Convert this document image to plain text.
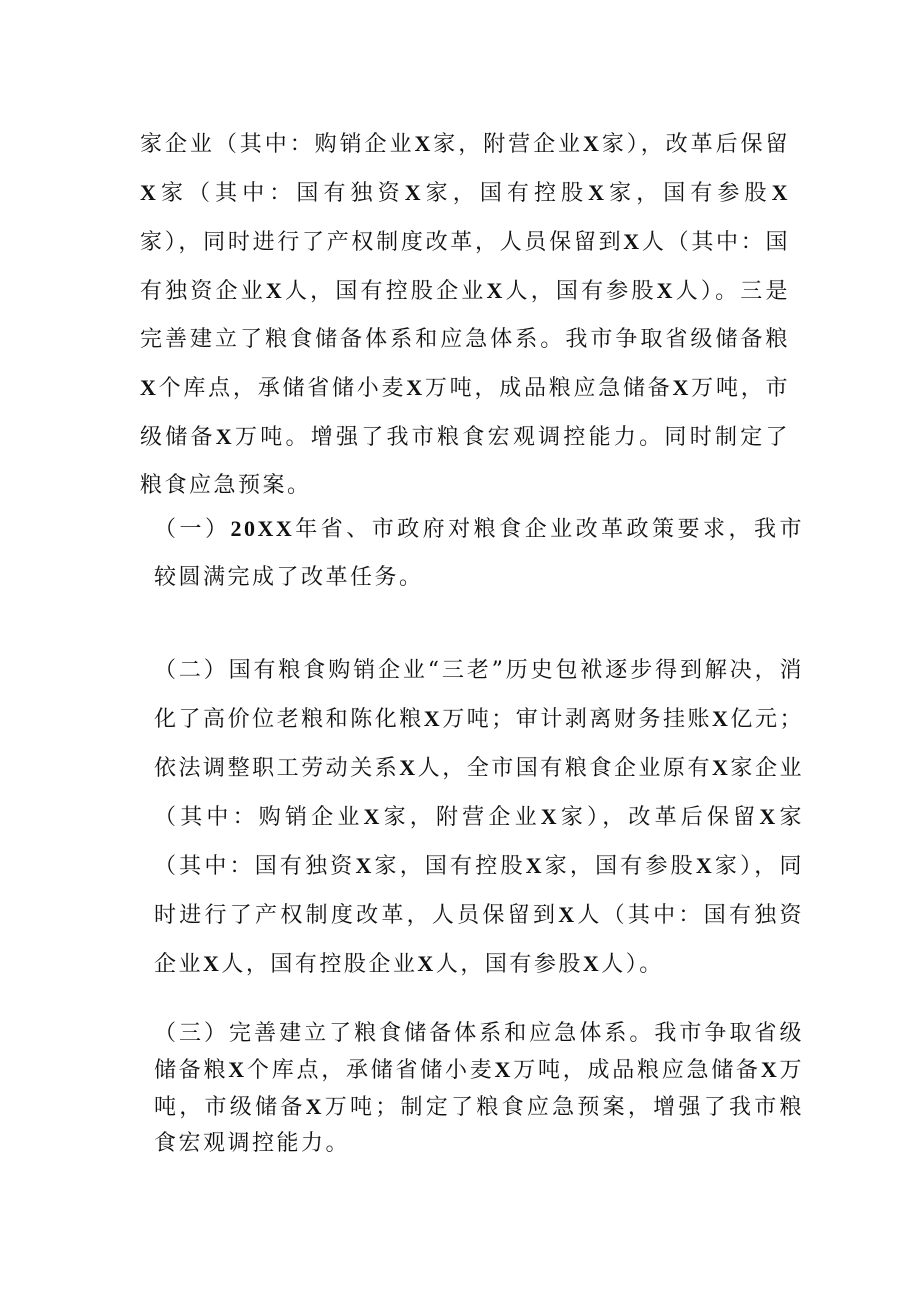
家企业（其中：购销企业X家，附营企业X家），改革后保留X家（其中：国有独资X家，国有控股X家，国有参股X家），同时进行了产权制度改革，人员保留到X人（其中：国有独资企业X人，国有控股企业X人，国有参股X人）。三是完善建立了粮食储备体系和应急体系。我市争取省级储备粮X个库点，承储省储小麦X万吨，成品粮应急储备X万吨，市级储备X万吨。增强了我市粮食宏观调控能力。同时制定了粮食应急预案。

（一）20XX年省、市政府对粮食企业改革政策要求，我市较圆满完成了改革任务。

（二）国有粮食购销企业“三老”历史包袱逐步得到解决，消化了高价位老粮和陈化粮X万吨；审计剥离财务挂账X亿元；依法调整职工劳动关系X人，全市国有粮食企业原有X家企业（其中：购销企业X家，附营企业X家），改革后保留X家（其中：国有独资X家，国有控股X家，国有参股X家），同时进行了产权制度改革，人员保留到X人（其中：国有独资企业X人，国有控股企业X人，国有参股X人）。

（三）完善建立了粮食储备体系和应急体系。我市争取省级储备粮X个库点，承储省储小麦X万吨，成品粮应急储备X万吨，市级储备X万吨；制定了粮食应急预案，增强了我市粮食宏观调控能力。
